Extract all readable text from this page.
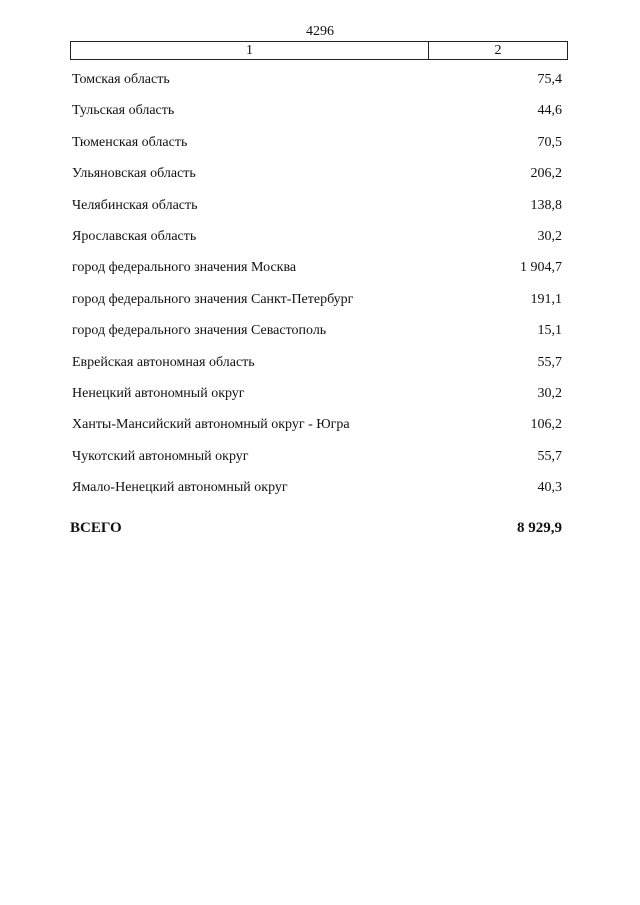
4296
1	2
Томская область	75,4
Тульская область	44,6
Тюменская область	70,5
Ульяновская область	206,2
Челябинская область	138,8
Ярославская область	30,2
город федерального значения Москва	1 904,7
город федерального значения Санкт-Петербург	191,1
город федерального значения Севастополь	15,1
Еврейская автономная область	55,7
Ненецкий автономный округ	30,2
Ханты-Мансийский автономный округ - Югра	106,2
Чукотский автономный округ	55,7
Ямало-Ненецкий автономный округ	40,3
ВСЕГО	8 929,9
